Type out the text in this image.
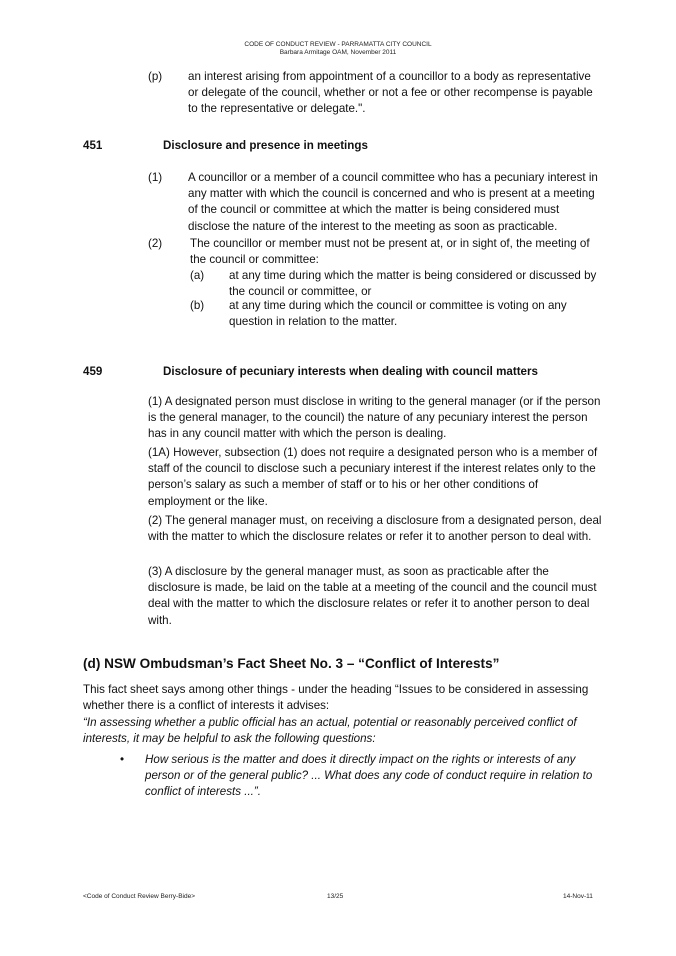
CODE OF CONDUCT REVIEW - PARRAMATTA CITY COUNCIL
Barbara Armitage OAM, November 2011
(p) an interest arising from appointment of a councillor to a body as representative or delegate of the council, whether or not a fee or other recompense is payable to the representative or delegate.".
451	Disclosure and presence in meetings
(1) A councillor or a member of a council committee who has a pecuniary interest in any matter with which the council is concerned and who is present at a meeting of the council or committee at which the matter is being considered must disclose the nature of the interest to the meeting as soon as practicable.
(2) The councillor or member must not be present at, or in sight of, the meeting of the council or committee:
(a) at any time during which the matter is being considered or discussed by the council or committee, or
(b) at any time during which the council or committee is voting on any question in relation to the matter.
459	Disclosure of pecuniary interests when dealing with council matters
(1) A designated person must disclose in writing to the general manager (or if the person is the general manager, to the council) the nature of any pecuniary interest the person has in any council matter with which the person is dealing.
(1A) However, subsection (1) does not require a designated person who is a member of staff of the council to disclose such a pecuniary interest if the interest relates only to the person’s salary as such a member of staff or to his or her other conditions of employment or the like.
(2) The general manager must, on receiving a disclosure from a designated person, deal with the matter to which the disclosure relates or refer it to another person to deal with.
(3) A disclosure by the general manager must, as soon as practicable after the disclosure is made, be laid on the table at a meeting of the council and the council must deal with the matter to which the disclosure relates or refer it to another person to deal with.
(d) NSW Ombudsman’s Fact Sheet No. 3 – “Conflict of Interests”
This fact sheet says among other things - under the heading “Issues to be considered in assessing whether there is a conflict of interests it advises:
“In assessing whether a public official has an actual, potential or reasonably perceived conflict of interests, it may be helpful to ask the following questions:
• How serious is the matter and does it directly impact on the rights or interests of any person or of the general public? ... What does any code of conduct require in relation to conflict of interests ...”.
<Code of Conduct Review Berry-Bide>	13/25	14-Nov-11
